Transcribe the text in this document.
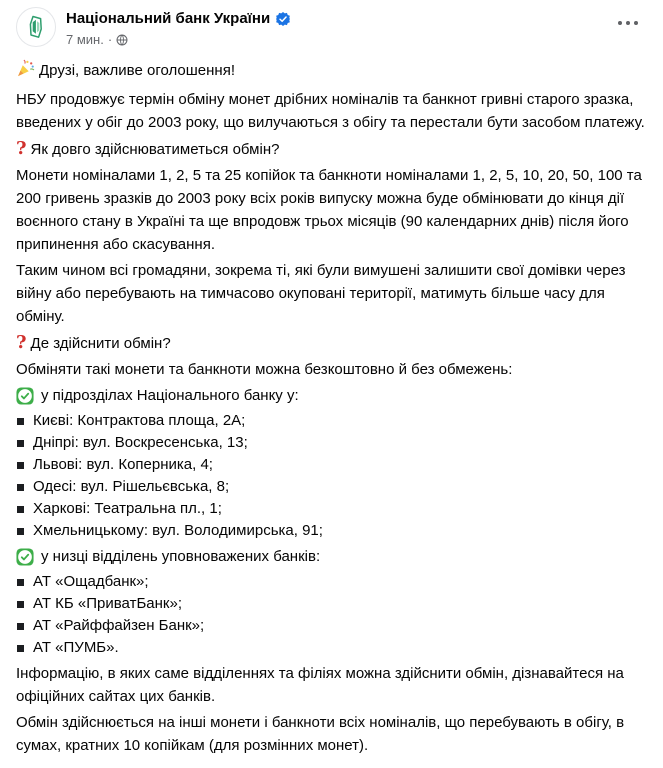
Національний банк України
7 мин. ·

Друзі, важливе оголошення!

НБУ продовжує термін обміну монет дрібних номіналів та банкнот гривні старого зразка, введених у обіг до 2003 року, що вилучаються з обігу та перестали бути засобом платежу.

? Як довго здійснюватиметься обмін?

Монети номіналами 1, 2, 5 та 25 копійок та банкноти номіналами 1, 2, 5, 10, 20, 50, 100 та 200 гривень зразків до 2003 року всіх років випуску можна буде обмінювати до кінця дії воєнного стану в Україні та ще впродовж трьох місяців (90 календарних днів) після його припинення або скасування.

Таким чином всі громадяни, зокрема ті, які були вимушені залишити свої домівки через війну або перебувають на тимчасово окуповані території, матимуть більше часу для обміну.

? Де здійснити обмін?

Обміняти такі монети та банкноти можна безкоштовно й без обмежень:

у підрозділах Національного банку у:

Києві: Контрактова площа, 2А;
Дніпрі: вул. Воскресенська, 13;
Львові: вул. Коперника, 4;
Одесі: вул. Рішельєвська, 8;
Харкові: Театральна пл., 1;
Хмельницькому: вул. Володимирська, 91;

у низці відділень уповноважених банків:

АТ «Ощадбанк»;
АТ КБ «ПриватБанк»;
АТ «Райффайзен Банк»;
АТ «ПУМБ».

Інформацію, в яких саме відділеннях та філіях можна здійснити обмін, дізнавайтеся на офіційних сайтах цих банків.

Обмін здійснюється на інші монети і банкноти всіх номіналів, що перебувають в обігу, в сумах, кратних 10 копійкам (для розмінних монет).
